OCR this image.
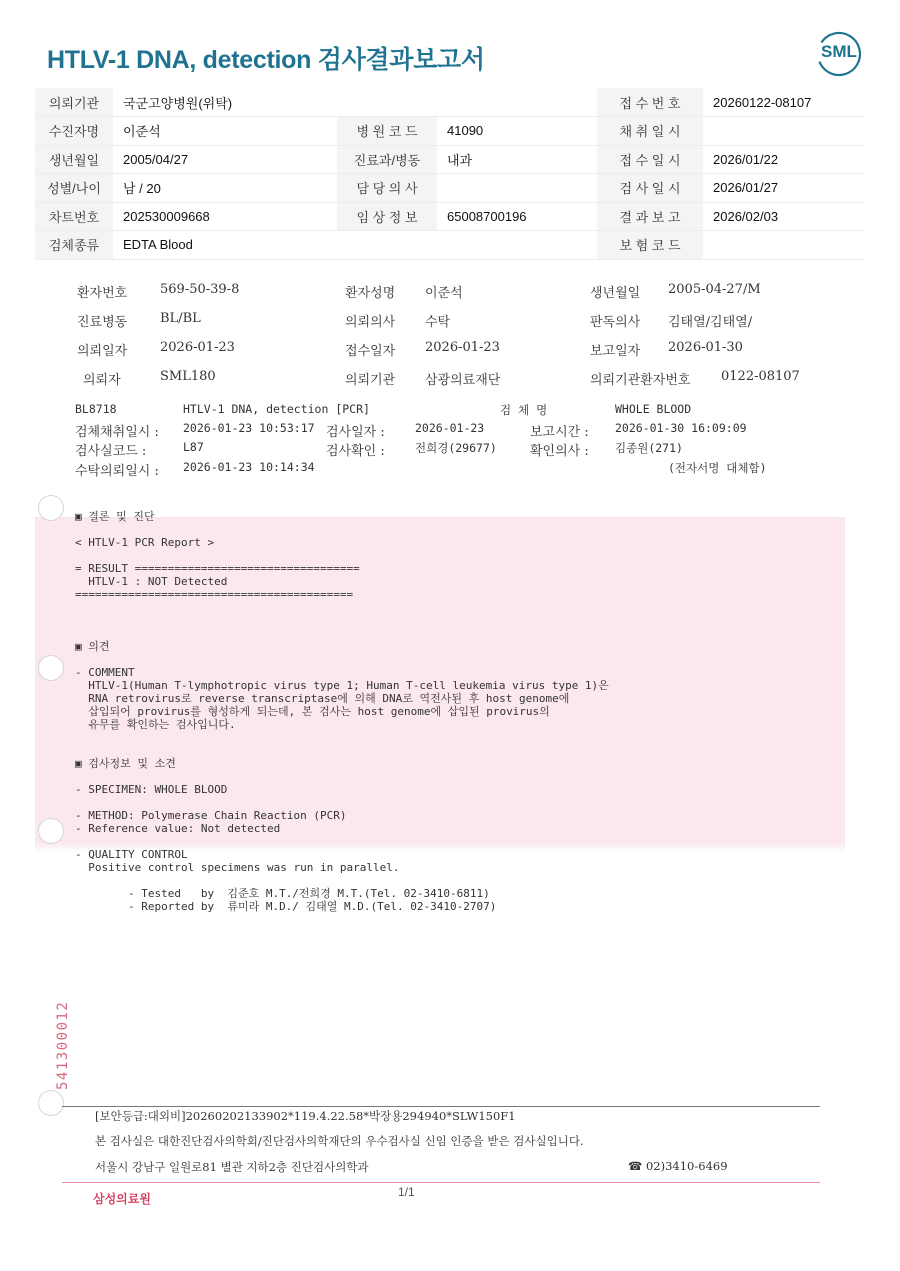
HTLV-1 DNA, detection 검사결과보고서	SML
의뢰기관	국군고양병원(위탁)			접 수 번 호	20260122-08107
수진자명	이준석	병 원 코 드	41090	채 취 일 시	
생년월일	2005/04/27	진료과/병동	내과	접 수 일 시	2026/01/22
성별/나이	남 / 20	담 당 의 사		검 사 일 시	2026/01/27
차트번호	202530009668	임 상 정 보	65008700196	결 과 보 고	2026/02/03
검체종류	EDTA Blood			보 험 코 드	
환자번호	569-50-39-8	환자성명 이준석	생년월일 2005-04-27/M
진료병동	BL/BL	의뢰의사 수탁	판독의사 김태열/김태열/
의뢰일자	2026-01-23	접수일자 2026-01-23	보고일자 2026-01-30
의뢰자	SML180	의뢰기관 삼광의료재단	의뢰기관환자번호 0122-08107
BL8718	HTLV-1 DNA, detection [PCR]	검 체 명	WHOLE BLOOD
검체채취일시 : 2026-01-23 10:53:17 검사일자 :	2026-01-23	보고시간 : 2026-01-30 16:09:09
검사실코드 :	L87	검사확인 :	전희경(29677)	확인의사 : 김종원(271)
수탁의뢰일시 : 2026-01-23 10:14:34	(전자서명 대체함)
▣ 결론 및 진단

< HTLV-1 PCR Report >

= RESULT ==================================
HTLV-1 : NOT Detected
==========================================

▣ 의견

- COMMENT
HTLV-1(Human T-lymphotropic virus type 1; Human T-cell leukemia virus type 1)은
RNA retrovirus로 reverse transcriptase에 의해 DNA로 역전사된 후 host genome에
삽입되어 provirus를 형성하게 되는데, 본 검사는 host genome에 삽입된 provirus의
유무를 확인하는 검사입니다.

▣ 검사정보 및 소견

- SPECIMEN: WHOLE BLOOD

- METHOD: Polymerase Chain Reaction (PCR)
- Reference value: Not detected

- QUALITY CONTROL
Positive control specimens was run in parallel.

- Tested   by  김준호 M.T./전희경 M.T.(Tel. 02-3410-6811)
- Reported by  류미라 M.D./ 김태열 M.D.(Tel. 02-3410-2707)
541300012
[보안등급:대외비]20260202133902*119.4.22.58*박장용294940*SLW150F1
본 검사실은 대한진단검사의학회/진단검사의학재단의 우수검사실 신임 인증을 받은 검사실입니다.
서울시 강남구 일원로81 별관 지하2층 진단검사의학과	☎ 02)3410-6469
삼성의료원	1/1
